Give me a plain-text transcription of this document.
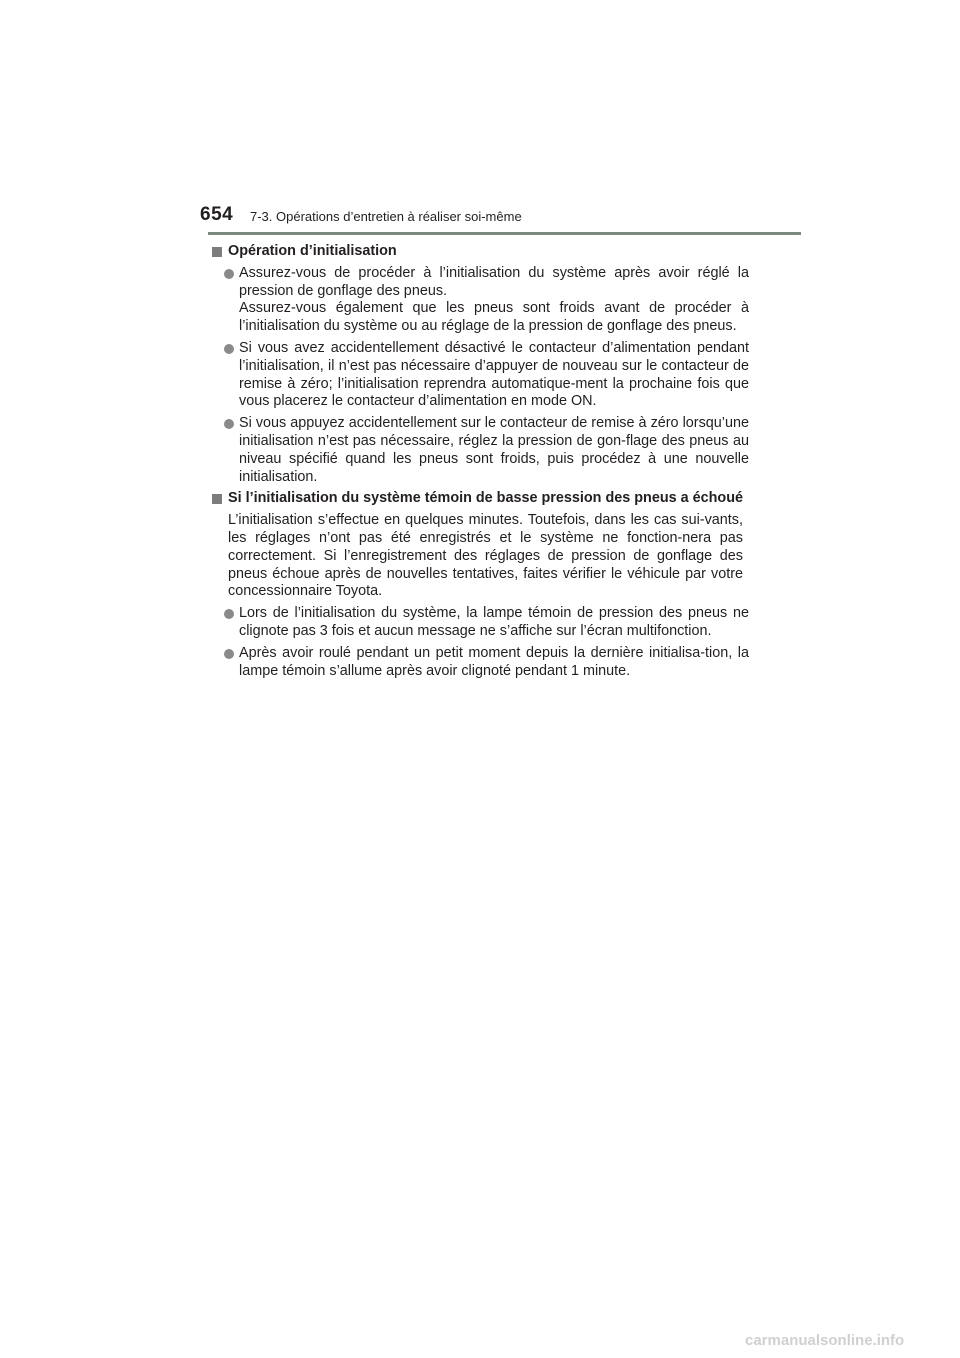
654 7-3. Opérations d’entretien à réaliser soi-même
Opération d’initialisation
Assurez-vous de procéder à l’initialisation du système après avoir réglé la pression de gonflage des pneus.
Assurez-vous également que les pneus sont froids avant de procéder à l’initialisation du système ou au réglage de la pression de gonflage des pneus.
Si vous avez accidentellement désactivé le contacteur d’alimentation pendant l’initialisation, il n’est pas nécessaire d’appuyer de nouveau sur le contacteur de remise à zéro; l’initialisation reprendra automatique-ment la prochaine fois que vous placerez le contacteur d’alimentation en mode ON.
Si vous appuyez accidentellement sur le contacteur de remise à zéro lorsqu’une initialisation n’est pas nécessaire, réglez la pression de gon-flage des pneus au niveau spécifié quand les pneus sont froids, puis procédez à une nouvelle initialisation.
Si l’initialisation du système témoin de basse pression des pneus a échoué
L’initialisation s’effectue en quelques minutes. Toutefois, dans les cas sui-vants, les réglages n’ont pas été enregistrés et le système ne fonction-nera pas correctement. Si l’enregistrement des réglages de pression de gonflage des pneus échoue après de nouvelles tentatives, faites vérifier le véhicule par votre concessionnaire Toyota.
Lors de l’initialisation du système, la lampe témoin de pression des pneus ne clignote pas 3 fois et aucun message ne s’affiche sur l’écran multifonction.
Après avoir roulé pendant un petit moment depuis la dernière initialisa-tion, la lampe témoin s’allume après avoir clignoté pendant 1 minute.
carmanualsonline.info
